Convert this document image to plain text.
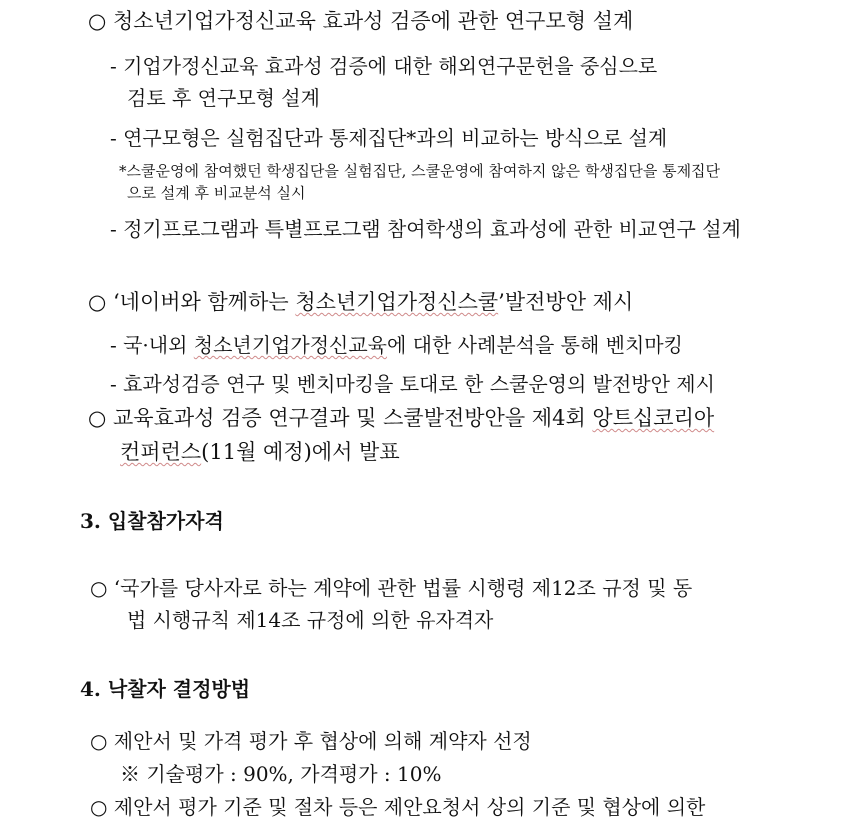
○ 청소년기업가정신교육 효과성 검증에 관한 연구모형 설계
- 기업가정신교육 효과성 검증에 대한 해외연구문헌을 중심으로
검토 후 연구모형 설계
- 연구모형은 실험집단과 통제집단*과의 비교하는 방식으로 설계
*스쿨운영에 참여했던 학생집단을 실험집단, 스쿨운영에 참여하지 않은 학생집단을 통제집단
으로 설계 후 비교분석 실시
- 정기프로그램과 특별프로그램 참여학생의 효과성에 관한 비교연구 설계
○ ‘네이버와 함께하는 청소년기업가정신스쿨’발전방안 제시
- 국·내외 청소년기업가정신교육에 대한 사례분석을 통해 벤치마킹
- 효과성검증 연구 및 벤치마킹을 토대로 한 스쿨운영의 발전방안 제시
○ 교육효과성 검증 연구결과 및 스쿨발전방안을 제4회 앙트십코리아
컨퍼런스(11월 예정)에서 발표
3. 입찰참가자격
○ ‘국가를 당사자로 하는 계약에 관한 법률 시행령 제12조 규정 및 동
법 시행규칙 제14조 규정에 의한 유자격자
4. 낙찰자 결정방법
○ 제안서 및 가격 평가 후 협상에 의해 계약자 선정
※ 기술평가 : 90%, 가격평가 : 10%
○ 제안서 평가 기준 및 절차 등은 제안요청서 상의 기준 및 협상에 의한
